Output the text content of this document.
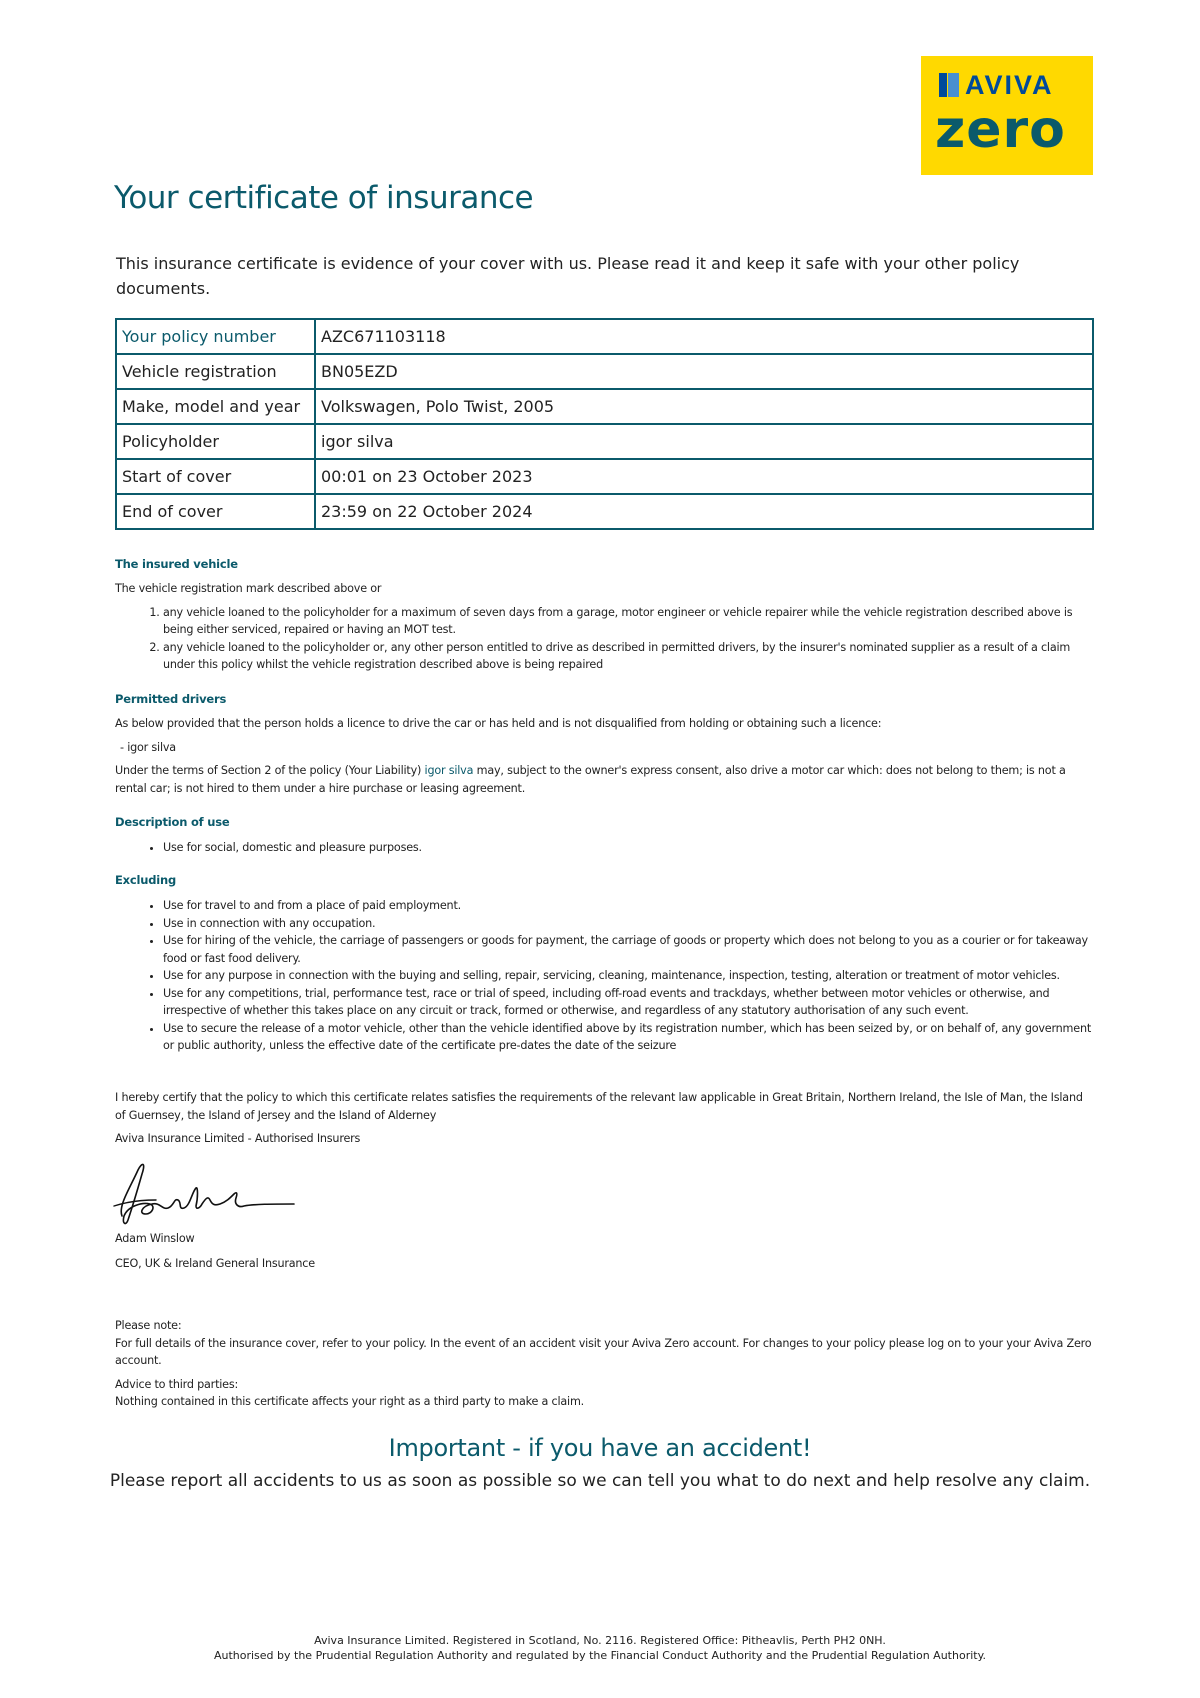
AVIVA
zero
Your certificate of insurance

This insurance certificate is evidence of your cover with us. Please read it and keep it safe with your other policy documents.

Your policy number	AZC671103118
Vehicle registration	BN05EZD
Make, model and year	Volkswagen, Polo Twist, 2005
Policyholder	igor silva
Start of cover	00:01 on 23 October 2023
End of cover	23:59 on 22 October 2024
The insured vehicle

The vehicle registration mark described above or

1. any vehicle loaned to the policyholder for a maximum of seven days from a garage, motor engineer or vehicle repairer while the vehicle registration described above is being either serviced, repaired or having an MOT test.
2. any vehicle loaned to the policyholder or, any other person entitled to drive as described in permitted drivers, by the insurer's nominated supplier as a result of a claim under this policy whilst the vehicle registration described above is being repaired
Permitted drivers

As below provided that the person holds a licence to drive the car or has held and is not disqualified from holding or obtaining such a licence:

- igor silva

Under the terms of Section 2 of the policy (Your Liability) igor silva may, subject to the owner's express consent, also drive a motor car which: does not belong to them; is not a rental car; is not hired to them under a hire purchase or leasing agreement.

Description of use
• Use for social, domestic and pleasure purposes.
Excluding
• Use for travel to and from a place of paid employment.
• Use in connection with any occupation.
• Use for hiring of the vehicle, the carriage of passengers or goods for payment, the carriage of goods or property which does not belong to you as a courier or for takeaway food or fast food delivery.
• Use for any purpose in connection with the buying and selling, repair, servicing, cleaning, maintenance, inspection, testing, alteration or treatment of motor vehicles.
• Use for any competitions, trial, performance test, race or trial of speed, including off-road events and trackdays, whether between motor vehicles or otherwise, and irrespective of whether this takes place on any circuit or track, formed or otherwise, and regardless of any statutory authorisation of any such event.
• Use to secure the release of a motor vehicle, other than the vehicle identified above by its registration number, which has been seized by, or on behalf of, any government or public authority, unless the effective date of the certificate pre-dates the date of the seizure

I hereby certify that the policy to which this certificate relates satisfies the requirements of the relevant law applicable in Great Britain, Northern Ireland, the Isle of Man, the Island of Guernsey, the Island of Jersey and the Island of Alderney

Aviva Insurance Limited - Authorised Insurers

Adam Winslow

CEO, UK & Ireland General Insurance

Please note:

For full details of the insurance cover, refer to your policy. In the event of an accident visit your Aviva Zero account. For changes to your policy please log on to your your Aviva Zero account.

Advice to third parties:

Nothing contained in this certificate affects your right as a third party to make a claim.

Important - if you have an accident!
Please report all accidents to us as soon as possible so we can tell you what to do next and help resolve any claim.

Aviva Insurance Limited. Registered in Scotland, No. 2116. Registered Office: Pitheavlis, Perth PH2 0NH.

Authorised by the Prudential Regulation Authority and regulated by the Financial Conduct Authority and the Prudential Regulation Authority.
